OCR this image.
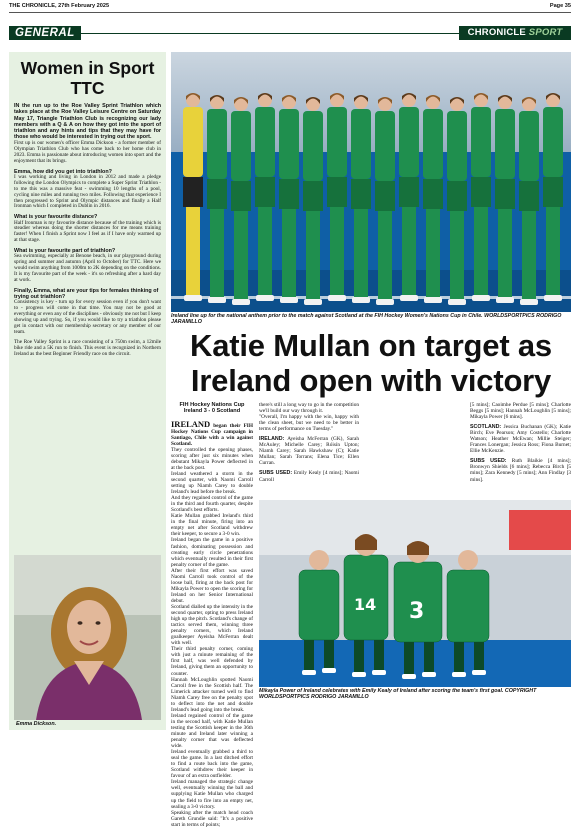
THE CHRONICLE, 27th February 2025	Page 35
GENERAL	CHRONICLE SPORT
Women in Sport TTC

IN the run up to the Roe Valley Sprint Triathlon which takes place at the Roe Valley Leisure Centre on Saturday May 17, Triangle Triathlon Club is recognizing our lady members with a Q & A on how they got into the sport of triathlon and any hints and tips that they may have for those who would be interested in trying out the sport.

First up is our women's officer Emma Dickson - a former member of Olympian Triathlon Club who has come back to her home club in 2023. Emma is passionate about introducing women into sport and the enjoyment that its brings.

Emma, how did you get into triathlon?

I was working and living in London in 2012 and made a pledge following the London Olympics to complete a Super Sprint Triathlon - to me this was a massive feat - swimming 10 lengths of a pool, cycling nine miles and running two miles. Following that experience I then progressed to Sprint and Olympic distances and finally a Half Ironman which I completed in Dublin in 2016.

What is your favourite distance?

Half Ironman is my favourite distance because of the training which is steadier whereas doing the shorter distances for me means training faster! When I finish a Sprint now I feel as if I have only warmed up at that stage.

What is your favourite part of triathlon?

Sea swimming, especially at Benone beach, in our playground during spring and summer and autumn (April to October) for TTC. Here we would swim anything from 1000m to 2K depending on the conditions. It is my favourite part of the week - it's so refreshing after a hard day at work.

Finally, Emma, what are your tips for females thinking of trying out triathlon?

Consistency is key - turn up for every session even if you don't want to - progress will come in that time. You may not be good at everything or even any of the disciplines - obviously me not but I keep showing up and trying. So, if you would like to try a triathlon please get in contact with our membership secretary or any member of our team.

The Roe Valley Sprint is a race consisting of a 750m swim, a 12mile bike ride and a 5K run to finish. This event is recognized in Northern Ireland as the best Beginner Friendly race on the circuit.

Emma Dickson.
Ireland line up for the national anthem prior to the match against Scotland at the FIH Hockey Women's Nations Cup in Chile. WORLDSPORTPICS RODRIGO JARAMILLO
Katie Mullan on target as Ireland open with victory
FIH Hockey Nations Cup
Ireland 3 - 0 Scotland

IRELAND began their FIH Hockey Nations Cup campaign in Santiago, Chile with a win against Scotland.

They controlled the opening phases, scoring after just six minutes when debutant Mikayla Power deflected in at the back post.

Ireland weathered a storm in the second quarter, with Naomi Carroll setting up Niamh Carey to double Ireland's lead before the break.

And they regained control of the game in the third and fourth quarter, despite Scotland's best efforts.

Katie Mullan grabbed Ireland's third in the final minute, firing into an empty net after Scotland withdrew their keeper, to secure a 3-0 win.

Ireland began the game in a positive fashion, dominating possession and creating early circle penetrations which eventually resulted in their first penalty corner of the game.

After their first effort was saved Naomi Carroll took control of the loose ball, firing at the back post for Mikayla Power to open the scoring for Ireland on her Senior International debut.

Scotland dialled up the intensity in the second quarter, opting to press Ireland high up the pitch. Scotland's change of tactics served them, winning three penalty corners, which Ireland goalkeeper Ayeisha McFerran dealt with well.

Their third penalty corner, coming with just a minute remaining of the first half, was well defended by Ireland, giving them an opportunity to counter.

Hannah McLoughlin spotted Naomi Carroll free in the Scottish half. The Limerick attacker turned well to find Niamh Carey free on the penalty spot to deflect into the net and double Ireland's lead going into the break.

Ireland regained control of the game in the second half, with Katie Mullan testing the Scottish keeper in the 36th minute and Ireland later winning a penalty corner that was deflected wide.

Ireland eventually grabbed a third to seal the game. In a last ditched effort to find a route back into the game, Scotland withdrew their keeper in favour of an extra outfielder.

Ireland managed the strategic change well, eventually winning the ball and supplying Katie Mullan who charged up the field to fire into an empty net, sealing a 3-0 victory.

Speaking after the match head coach Gareth Grundie said: "It's a positive start in terms of points;

there's still a long way to go in the competition we'll build our way through it.

"Overall, I'm happy with the win, happy with the clean sheet, but we need to be better in terms of performance on Tuesday."

IRELAND: Ayeisha McFerran (GK), Sarah McAuley; Michelle Carey; Róisín Upton; Niamh Carey; Sarah Hawkshaw (C); Katie Mullan; Sarah Torrans; Elena Tice; Ellen Curran.

SUBS USED: Emily Kealy [4 mins]; Naomi Carroll

[5 mins]; Caoimhe Perdue [5 mins]; Charlotte Beggs [5 mins]; Hannah McLoughlin [5 mins]; Mikayla Power [6 mins].

SCOTLAND: Jessica Buchanan (GK); Katie Birch; Eve Pearson; Amy Costello; Charlotte Watson; Heather McEwan; Millie Steiger; Frances Lonergan; Jessica Ross; Fiona Burnet; Ellie McKenzie.

SUBS USED: Ruth Blaikie [4 mins]; Bronwyn Shields [6 mins]; Rebecca Birch [5 mins]; Zara Kennedy [5 mins]; Ann Findlay [3 mins].

3
14
Mikayla Power of Ireland celebrates with Emily Kealy of Ireland after scoring the team's first goal. COPYRIGHT WORLDSPORTPICS RODRIGO JARAMILLO
